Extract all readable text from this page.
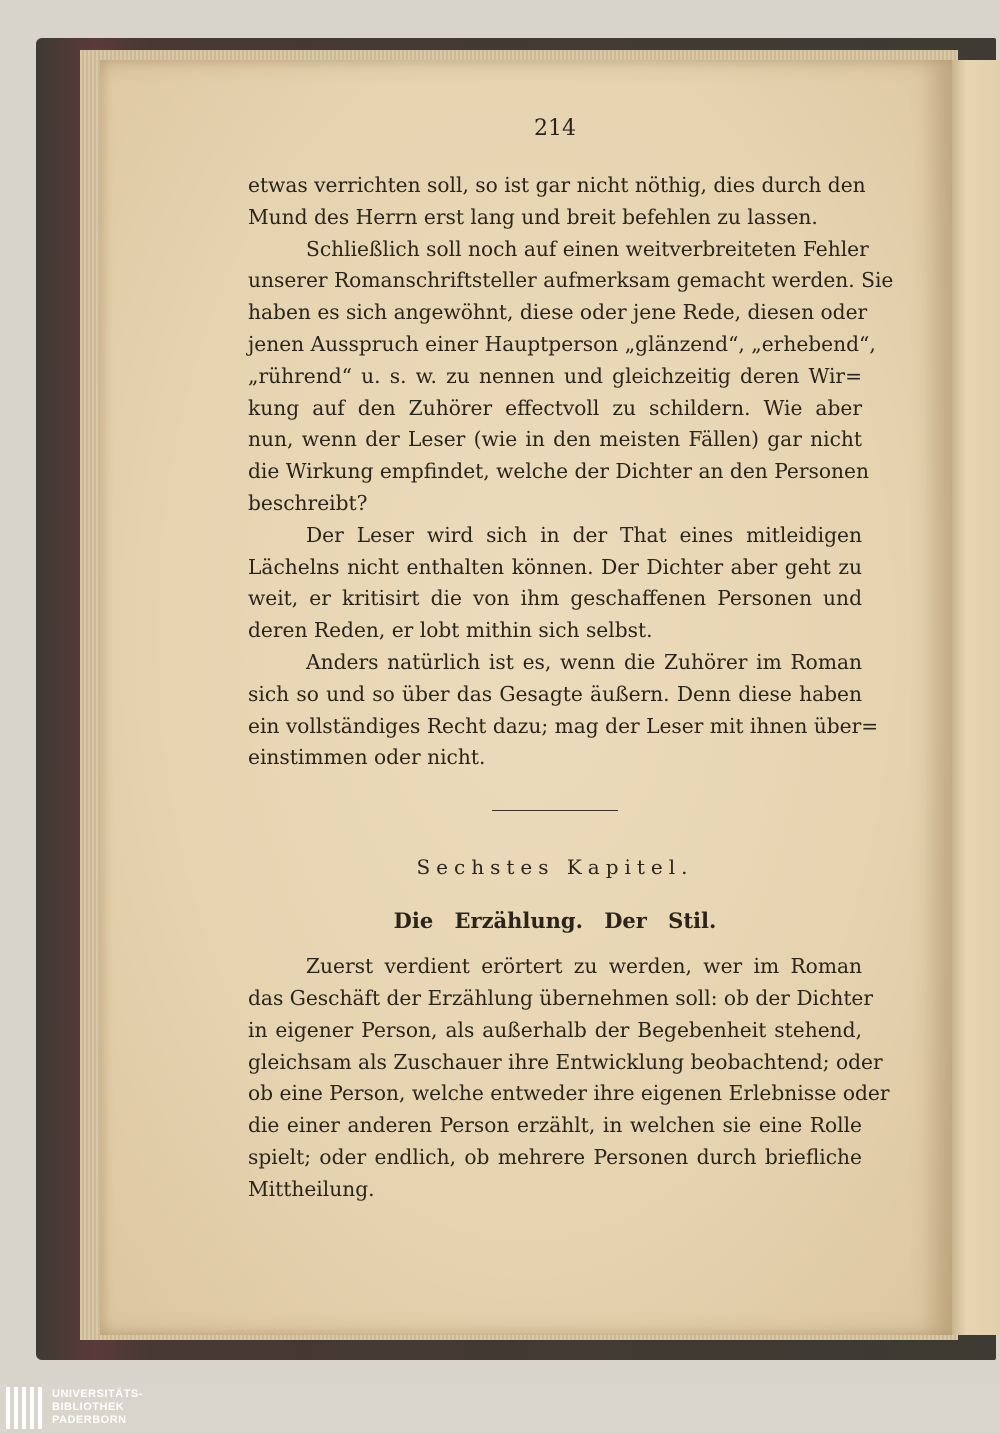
214
etwas verrichten soll, so ist gar nicht nöthig, dies durch den
Mund des Herrn erst lang und breit befehlen zu lassen.
Schließlich soll noch auf einen weitverbreiteten Fehler
unserer Romanschriftsteller aufmerksam gemacht werden. Sie
haben es sich angewöhnt, diese oder jene Rede, diesen oder
jenen Ausspruch einer Hauptperson „glänzend“, „erhebend“,
„rührend“ u. s. w. zu nennen und gleichzeitig deren Wir=
kung auf den Zuhörer effectvoll zu schildern. Wie aber
nun, wenn der Leser (wie in den meisten Fällen) gar nicht
die Wirkung empfindet, welche der Dichter an den Personen
beschreibt?
Der Leser wird sich in der That eines mitleidigen
Lächelns nicht enthalten können. Der Dichter aber geht zu
weit, er kritisirt die von ihm geschaffenen Personen und
deren Reden, er lobt mithin sich selbst.
Anders natürlich ist es, wenn die Zuhörer im Roman
sich so und so über das Gesagte äußern. Denn diese haben
ein vollständiges Recht dazu; mag der Leser mit ihnen über=
einstimmen oder nicht.
Sechstes Kapitel.
Die Erzählung. Der Stil.
Zuerst verdient erörtert zu werden, wer im Roman
das Geschäft der Erzählung übernehmen soll: ob der Dichter
in eigener Person, als außerhalb der Begebenheit stehend,
gleichsam als Zuschauer ihre Entwicklung beobachtend; oder
ob eine Person, welche entweder ihre eigenen Erlebnisse oder
die einer anderen Person erzählt, in welchen sie eine Rolle
spielt; oder endlich, ob mehrere Personen durch briefliche
Mittheilung.
UNIVERSITÄTS-
BIBLIOTHEK
PADERBORN
